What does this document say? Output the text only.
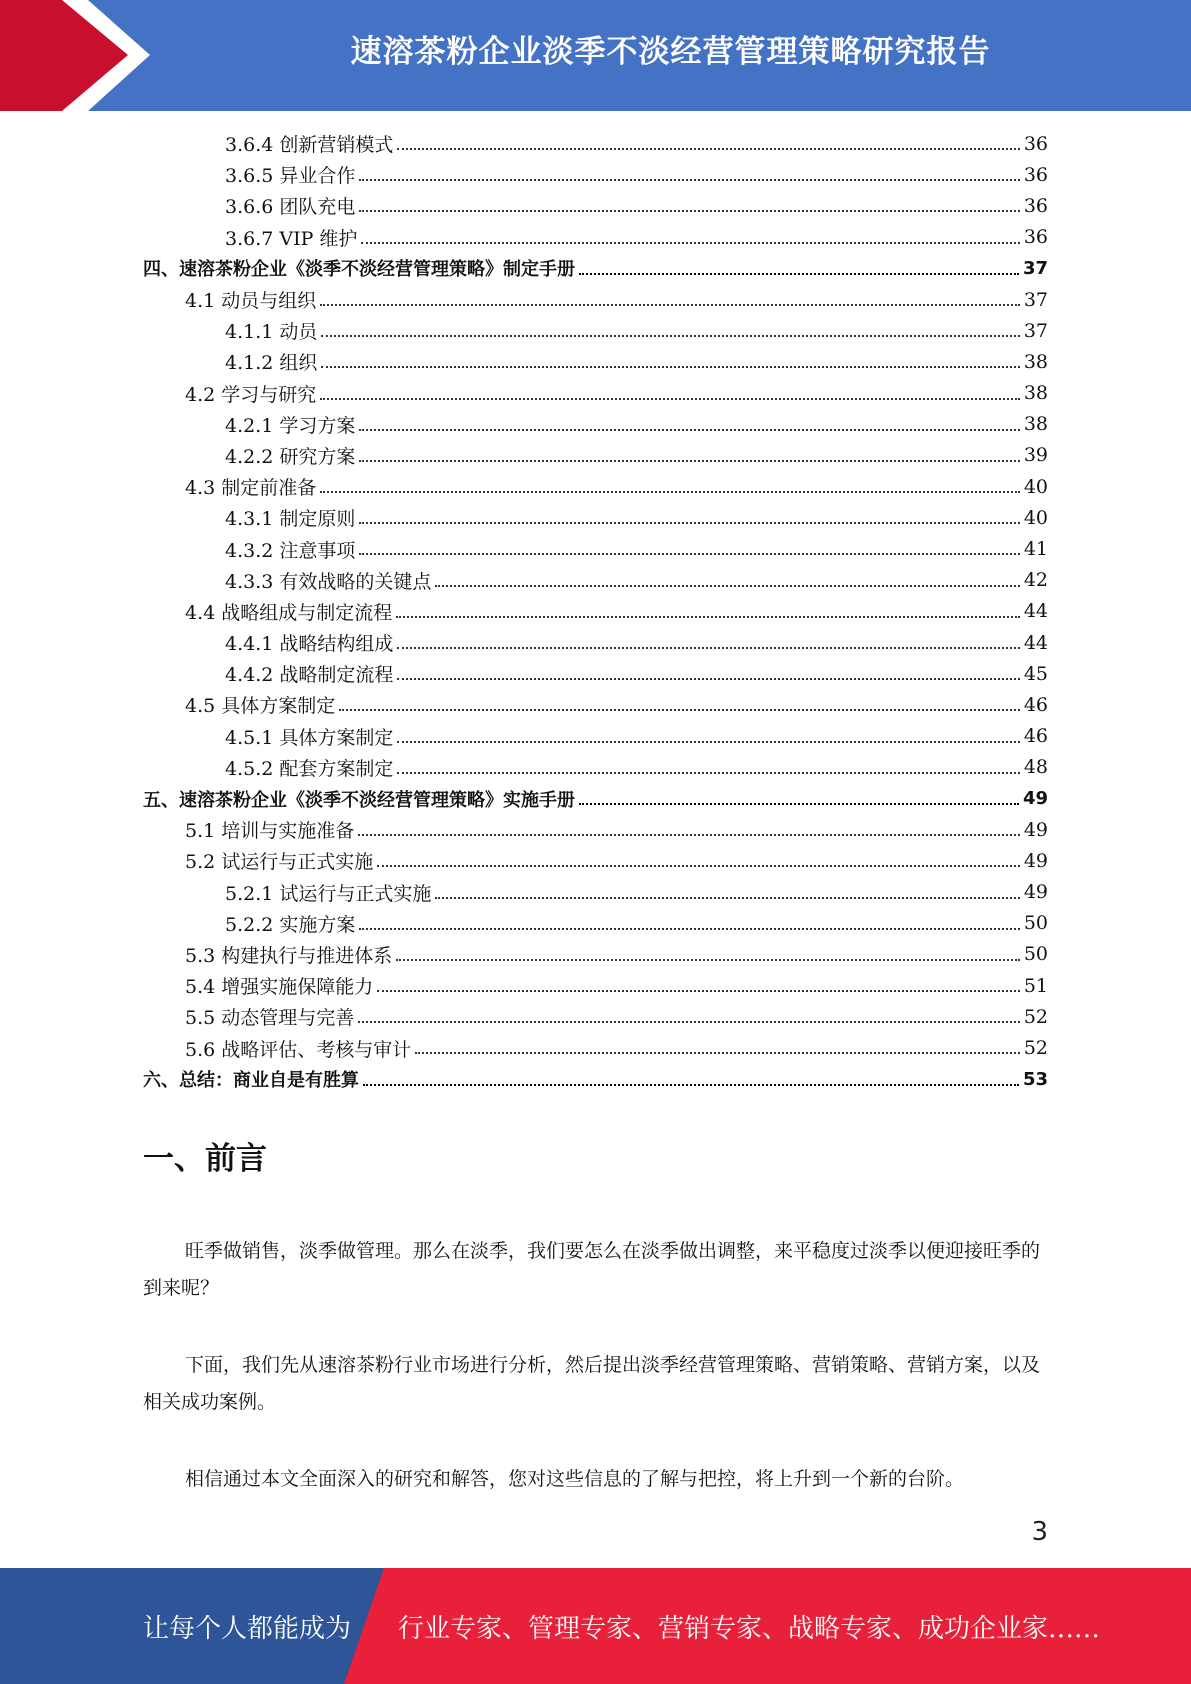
速溶茶粉企业淡季不淡经营管理策略研究报告
3.6.4 创新营销模式	36
3.6.5 异业合作	36
3.6.6 团队充电	36
3.6.7 VIP 维护	36
四、速溶茶粉企业《淡季不淡经营管理策略》制定手册	37
4.1 动员与组织	37
4.1.1 动员	37
4.1.2 组织	38
4.2 学习与研究	38
4.2.1 学习方案	38
4.2.2 研究方案	39
4.3 制定前准备	40
4.3.1 制定原则	40
4.3.2 注意事项	41
4.3.3 有效战略的关键点	42
4.4 战略组成与制定流程	44
4.4.1 战略结构组成	44
4.4.2 战略制定流程	45
4.5 具体方案制定	46
4.5.1 具体方案制定	46
4.5.2 配套方案制定	48
五、速溶茶粉企业《淡季不淡经营管理策略》实施手册	49
5.1 培训与实施准备	49
5.2 试运行与正式实施	49
5.2.1 试运行与正式实施	49
5.2.2 实施方案	50
5.3 构建执行与推进体系	50
5.4 增强实施保障能力	51
5.5 动态管理与完善	52
5.6 战略评估、考核与审计	52
六、总结：商业自是有胜算	53
一、前言
旺季做销售，淡季做管理。那么在淡季，我们要怎么在淡季做出调整，来平稳度过淡季以便迎接旺季的到来呢？
下面，我们先从速溶茶粉行业市场进行分析，然后提出淡季经营管理策略、营销策略、营销方案，以及相关成功案例。
相信通过本文全面深入的研究和解答，您对这些信息的了解与把控，将上升到一个新的台阶。
3
让每个人都能成为 行业专家、管理专家、营销专家、战略专家、成功企业家……
